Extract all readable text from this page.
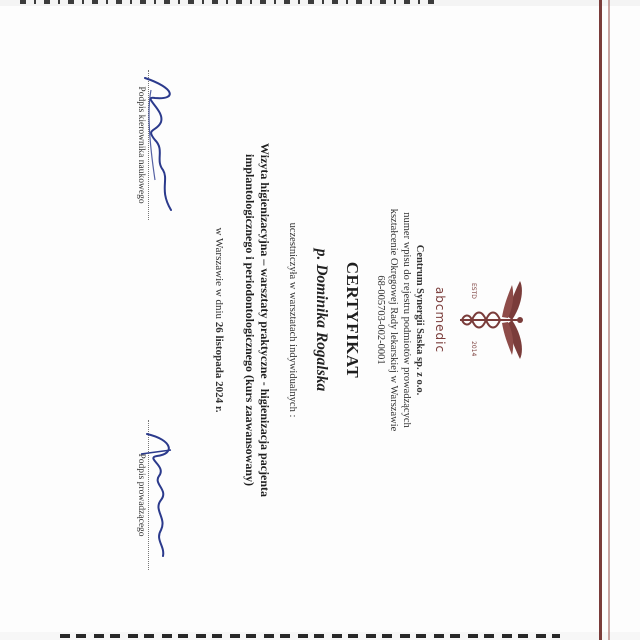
ESTD
2014
abcmedic
Centrum Synergii Saska sp. z o.o.
numer wpisu do rejestru podmiotów prowadzących
kształcenie Okręgowej Rady lekarskiej w Warszawie
68-005703-002-0001
CERTYFIKAT
p. Dominika Rogalska
uczestniczyła w warsztatach indywidualnych :
Wizyta higienizacyjna – warsztaty praktyczne - higienizacja pacjenta
implantologicznego i periodontologicznego (kurs zaawansowany)
w Warszawie w dniu 26 listopada 2024 r.
Podpis kierownika naukowego
Podpis prowadzącego
